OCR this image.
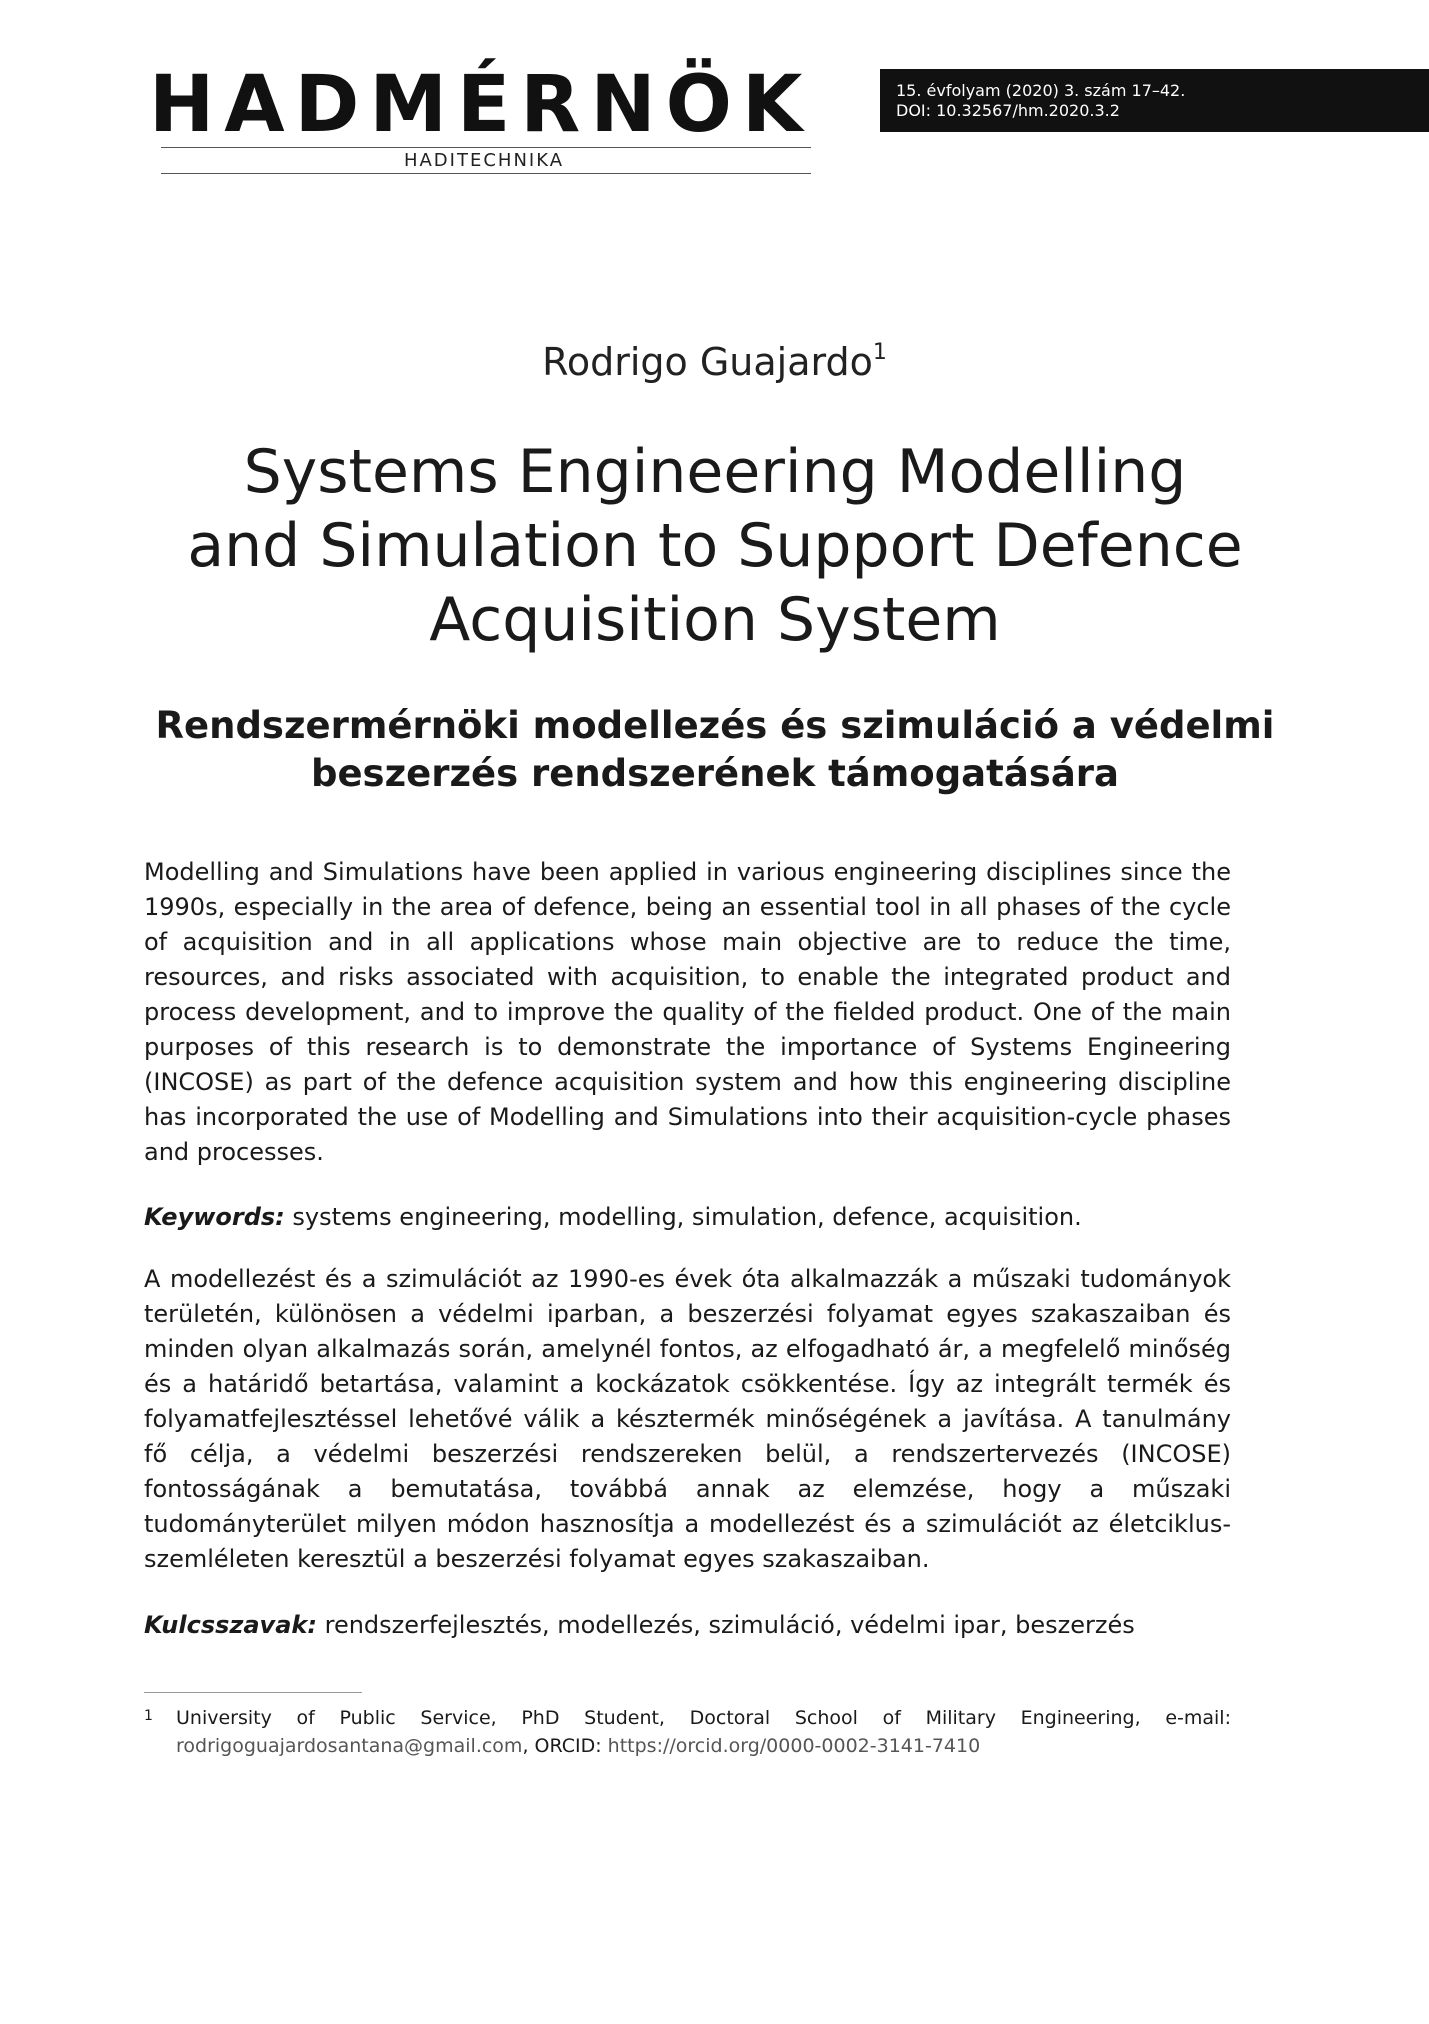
HADMÉRNÖK
HADITECHNIKA
15. évfolyam (2020) 3. szám 17–42.
DOI: 10.32567/hm.2020.3.2
Rodrigo Guajardo$^1$
Systems Engineering Modelling
and Simulation to Support Defence
Acquisition System
Rendszermérnöki modellezés és szimuláció a védelmi
beszerzés rendszerének támogatására

Modelling and Simulations have been applied in various engineering disciplines since the 1990s, especially in the area of defence, being an essential tool in all phases of the cycle of acquisition and in all applications whose main objective are to reduce the time, resources, and risks associated with acquisition, to enable the integrated product and process development, and to improve the quality of the fielded product. One of the main purposes of this research is to demonstrate the importance of Systems Engineering (INCOSE) as part of the defence acquisition system and how this engineering discipline has incorporated the use of Modelling and Simulations into their acquisition-cycle phases and processes.

Keywords: systems engineering, modelling, simulation, defence, acquisition.

A modellezést és a szimulációt az 1990-es évek óta alkalmazzák a műszaki tudományok területén, különösen a védelmi iparban, a beszerzési folyamat egyes szakaszaiban és minden olyan alkalmazás során, amelynél fontos, az elfogadható ár, a megfelelő minőség és a határidő betartása, valamint a kockázatok csökkentése. Így az integrált termék és folyamatfejlesztéssel lehetővé válik a késztermék minőségének a javítása. A tanulmány fő célja, a védelmi beszerzési rendszereken belül, a rendszertervezés (INCOSE) fontosságának a bemutatása, továbbá annak az elemzése, hogy a műszaki tudományterület milyen módon hasznosítja a modellezést és a szimulációt az életciklus-szemléleten keresztül a beszerzési folyamat egyes szakaszaiban.

Kulcsszavak: rendszerfejlesztés, modellezés, szimuláció, védelmi ipar, beszerzés

1 University of Public Service, PhD Student, Doctoral School of Military Engineering, e-mail: rodrigoguajardosantana@gmail.com, ORCID: https://orcid.org/0000-0002-3141-7410
